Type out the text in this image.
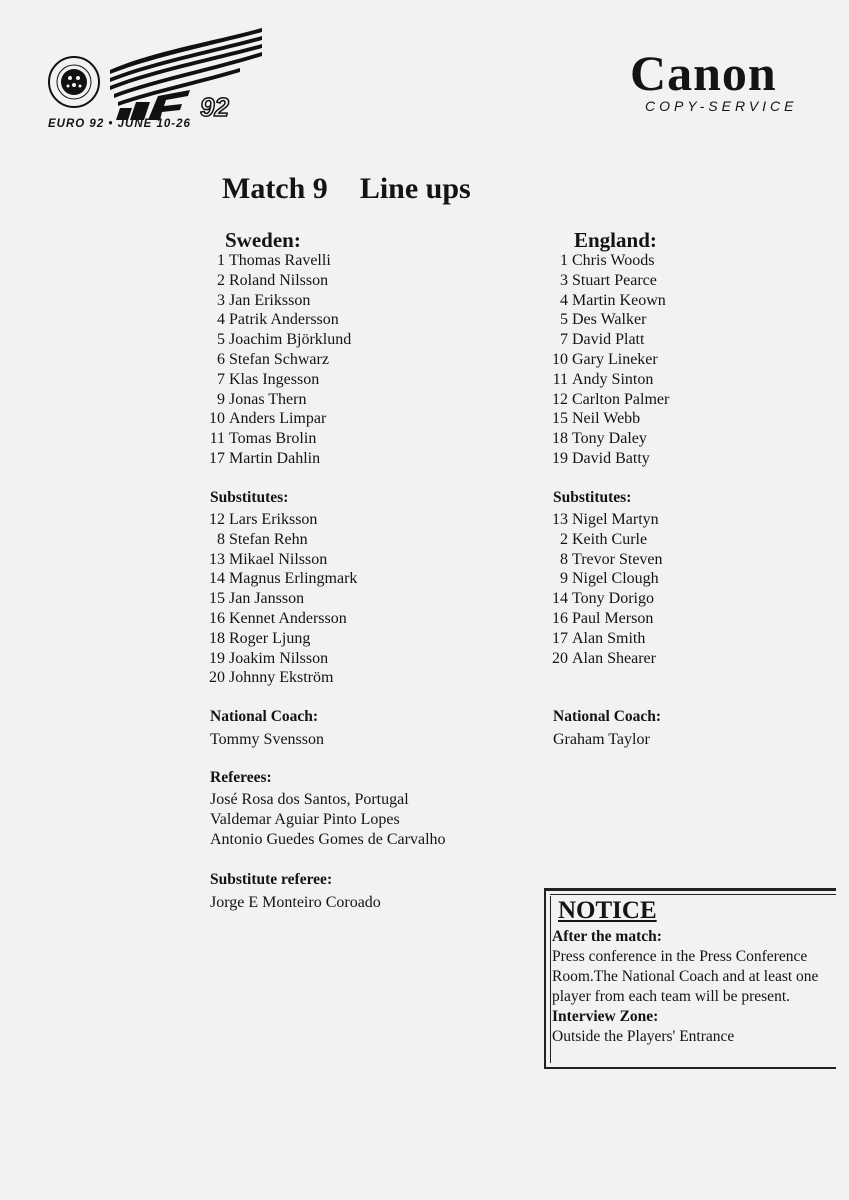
92
EURO 92 • JUNE 10-26
Canon
COPY-SERVICE
Match 9 Line ups
Sweden:
1 Thomas Ravelli
2 Roland Nilsson
3 Jan Eriksson
4 Patrik Andersson
5 Joachim Björklund
6 Stefan Schwarz
7 Klas Ingesson
9 Jonas Thern
10 Anders Limpar
11 Tomas Brolin
17 Martin Dahlin
Substitutes:
12 Lars Eriksson
8 Stefan Rehn
13 Mikael Nilsson
14 Magnus Erlingmark
15 Jan Jansson
16 Kennet Andersson
18 Roger Ljung
19 Joakim Nilsson
20 Johnny Ekström
National Coach:
Tommy Svensson
England:
1 Chris Woods
3 Stuart Pearce
4 Martin Keown
5 Des Walker
7 David Platt
10 Gary Lineker
11 Andy Sinton
12 Carlton Palmer
15 Neil Webb
18 Tony Daley
19 David Batty
Substitutes:
13 Nigel Martyn
2 Keith Curle
8 Trevor Steven
9 Nigel Clough
14 Tony Dorigo
16 Paul Merson
17 Alan Smith
20 Alan Shearer
National Coach:
Graham Taylor
Referees:
José Rosa dos Santos, Portugal
Valdemar Aguiar Pinto Lopes
Antonio Guedes Gomes de Carvalho
Substitute referee:
Jorge E Monteiro Coroado	NOTICE
After the match:
Press conference in the Press Conference Room.The National Coach and at least one player from each team will be present.
Interview Zone:
Outside the Players' Entrance
